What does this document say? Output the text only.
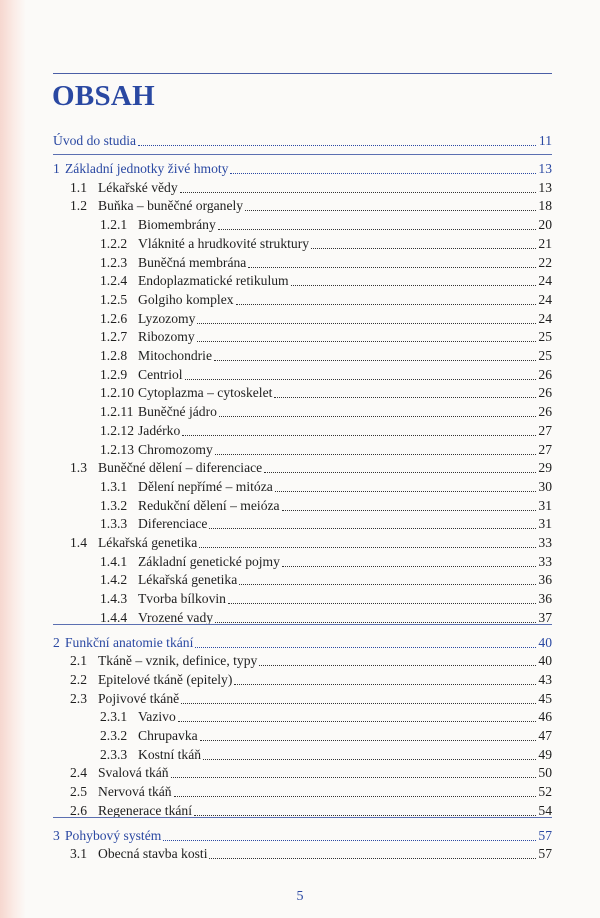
OBSAH
Úvod do studia	11
1 Základní jednotky živé hmoty	13
1.1 Lékařské vědy	13
1.2 Buňka – buněčné organely	18
1.2.1 Biomembrány	20
1.2.2 Vláknité a hrudkovité struktury	21
1.2.3 Buněčná membrána	22
1.2.4 Endoplazmatické retikulum	24
1.2.5 Golgiho komplex	24
1.2.6 Lyzozomy	24
1.2.7 Ribozomy	25
1.2.8 Mitochondrie	25
1.2.9 Centriol	26
1.2.10 Cytoplazma – cytoskelet	26
1.2.11 Buněčné jádro	26
1.2.12 Jadérko	27
1.2.13 Chromozomy	27
1.3 Buněčné dělení – diferenciace	29
1.3.1 Dělení nepřímé – mitóza	30
1.3.2 Redukční dělení – meióza	31
1.3.3 Diferenciace	31
1.4 Lékařská genetika	33
1.4.1 Základní genetické pojmy	33
1.4.2 Lékařská genetika	36
1.4.3 Tvorba bílkovin	36
1.4.4 Vrozené vady	37
2 Funkční anatomie tkání	40
2.1 Tkáně – vznik, definice, typy	40
2.2 Epitelové tkáně (epitely)	43
2.3 Pojivové tkáně	45
2.3.1 Vazivo	46
2.3.2 Chrupavka	47
2.3.3 Kostní tkáň	49
2.4 Svalová tkáň	50
2.5 Nervová tkáň	52
2.6 Regenerace tkání	54
3 Pohybový systém	57
3.1 Obecná stavba kosti	57
5
